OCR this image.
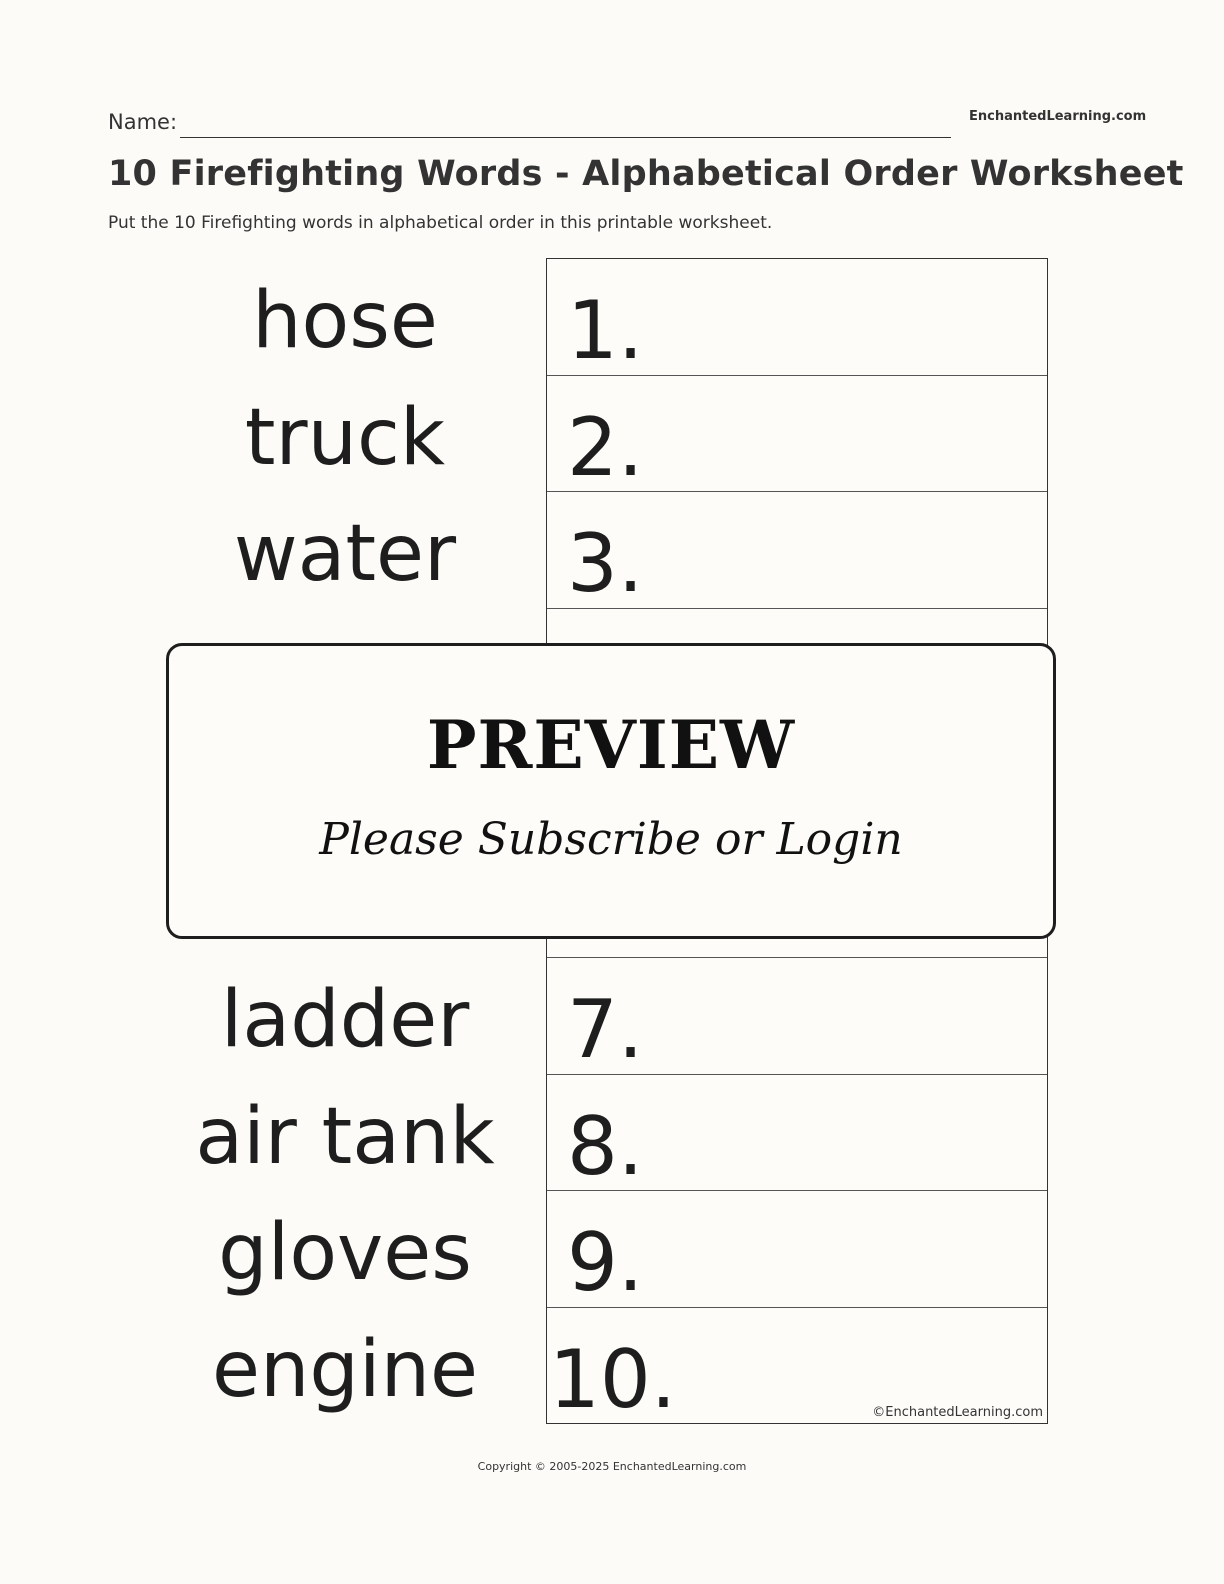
Name:	EnchantedLearning.com
10 Firefighting Words - Alphabetical Order Worksheet

Put the 10 Firefighting words in alphabetical order in this printable worksheet.

hose
truck
water
ladder
air tank
gloves
engine
1.
2.
3.
7.
8.
9.
10.	©EnchantedLearning.com
PREVIEW
Please Subscribe or Login
Copyright © 2005-2025 EnchantedLearning.com
